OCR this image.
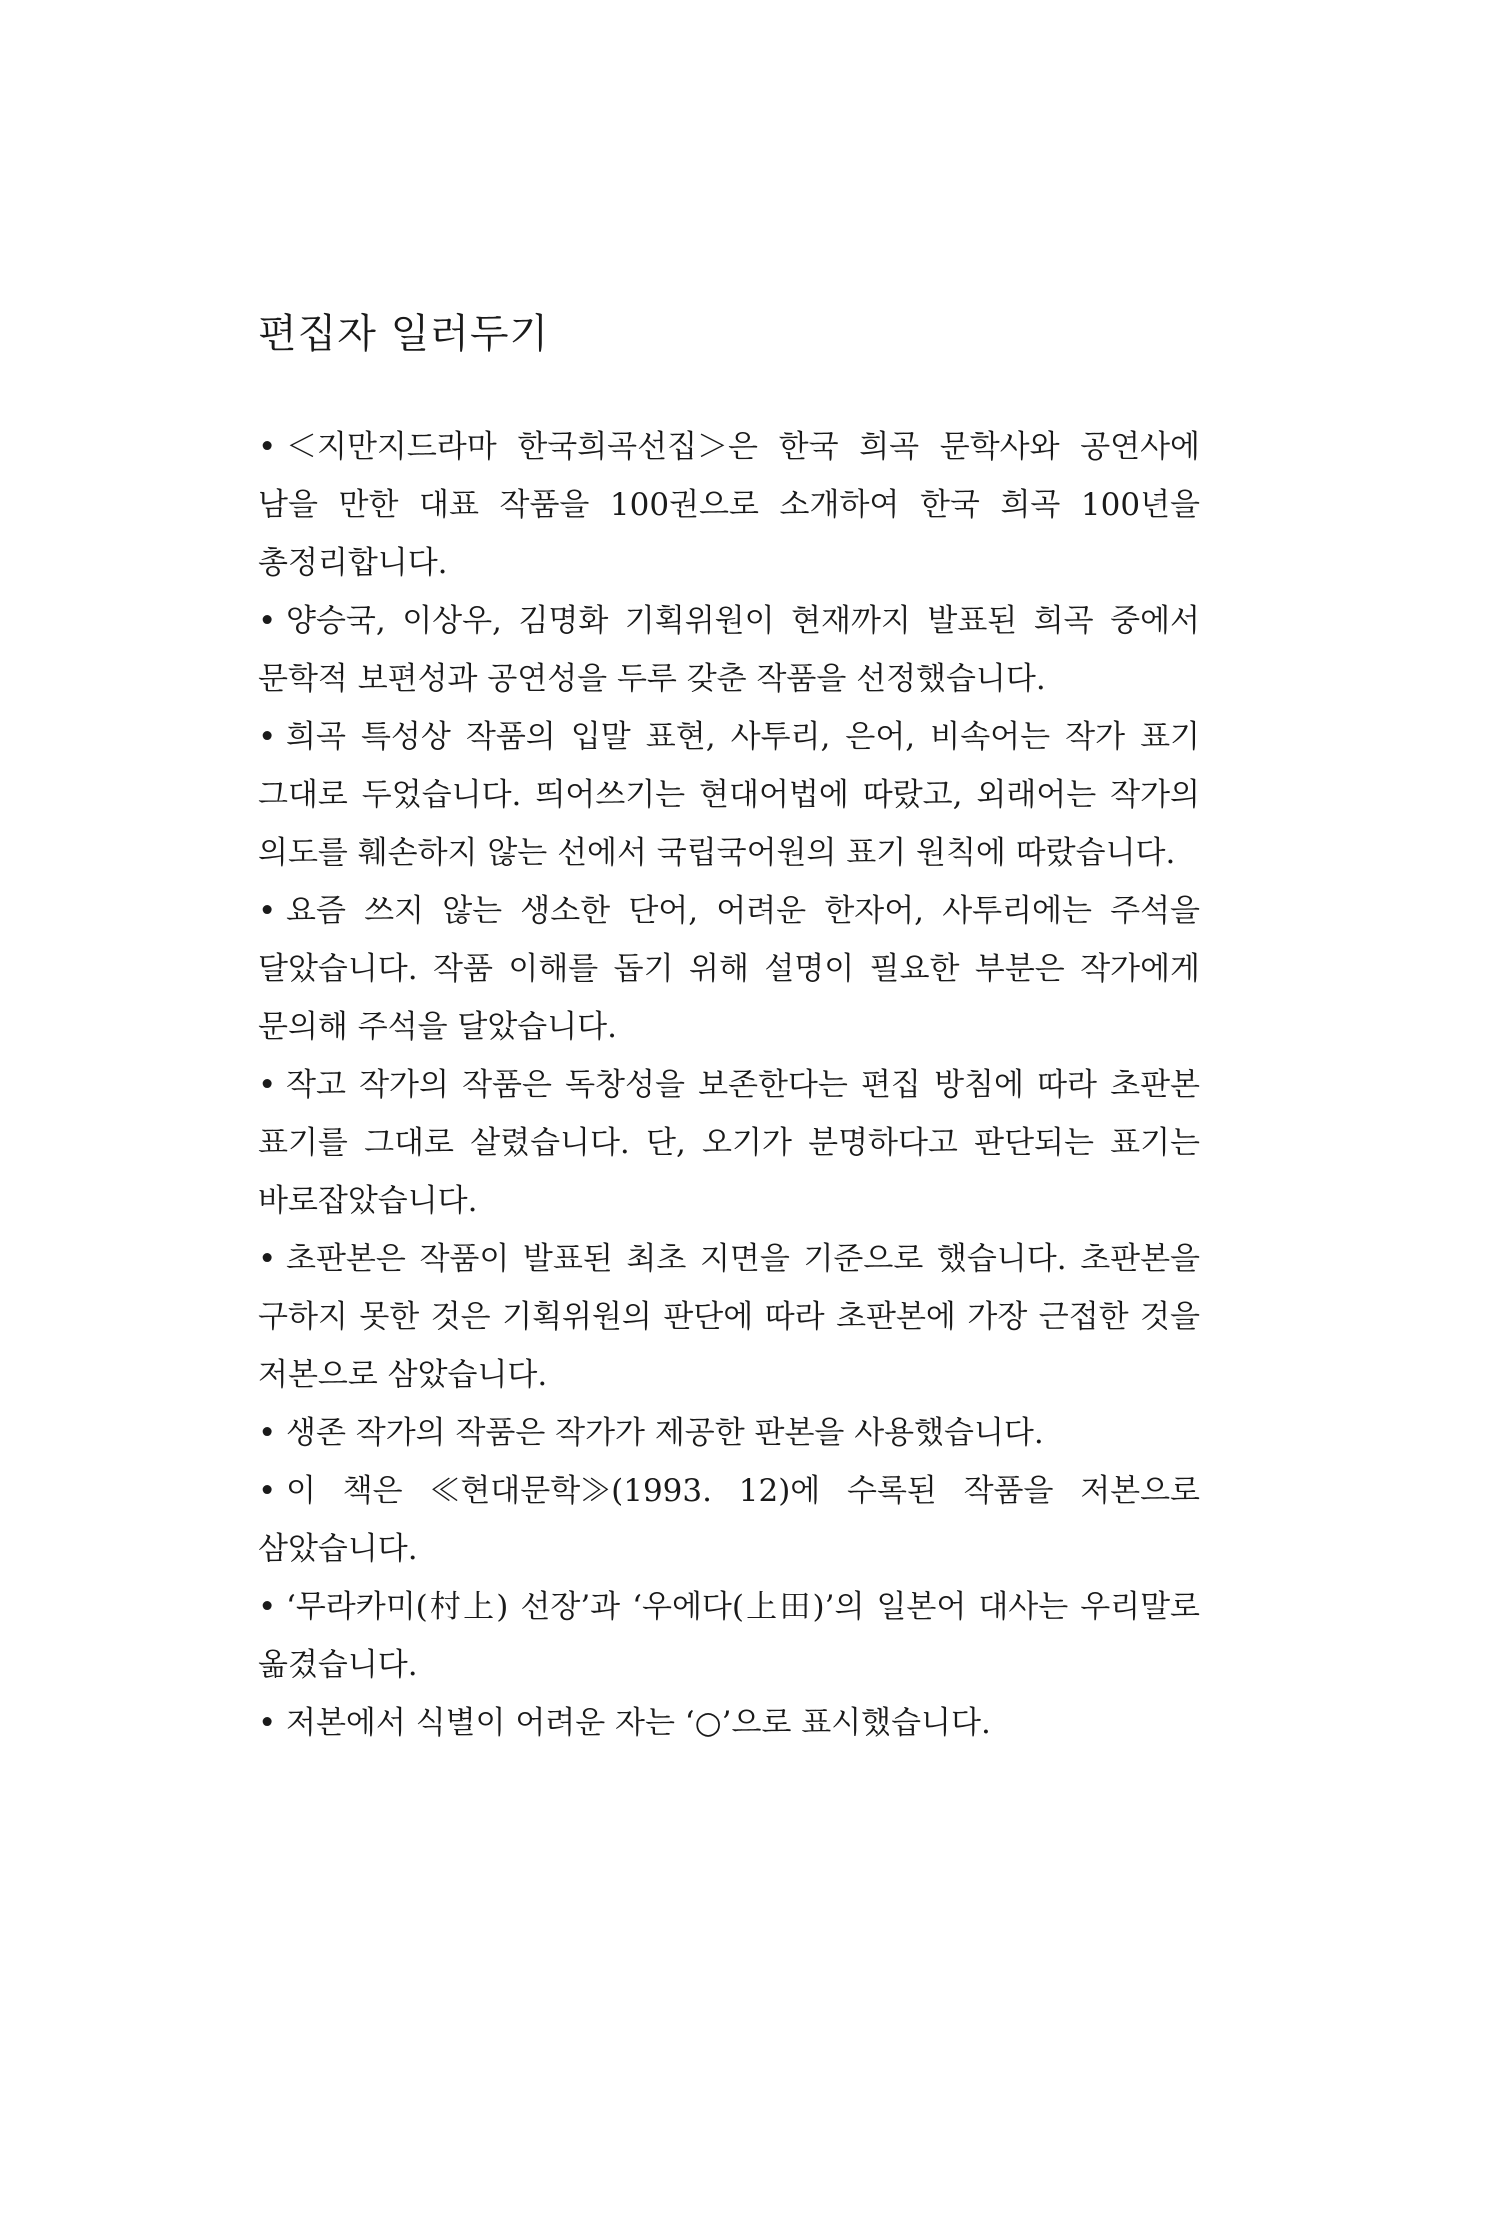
편집자 일러두기
• ＜지만지드라마 한국희곡선집＞은 한국 희곡 문학사와 공연사에 남을 만한 대표 작품을 100권으로 소개하여 한국 희곡 100년을 총정리합니다.
• 양승국, 이상우, 김명화 기획위원이 현재까지 발표된 희곡 중에서 문학적 보편성과 공연성을 두루 갖춘 작품을 선정했습니다.
• 희곡 특성상 작품의 입말 표현, 사투리, 은어, 비속어는 작가 표기 그대로 두었습니다. 띄어쓰기는 현대어법에 따랐고, 외래어는 작가의 의도를 훼손하지 않는 선에서 국립국어원의 표기 원칙에 따랐습니다.
• 요즘 쓰지 않는 생소한 단어, 어려운 한자어, 사투리에는 주석을 달았습니다. 작품 이해를 돕기 위해 설명이 필요한 부분은 작가에게 문의해 주석을 달았습니다.
• 작고 작가의 작품은 독창성을 보존한다는 편집 방침에 따라 초판본 표기를 그대로 살렸습니다. 단, 오기가 분명하다고 판단되는 표기는 바로잡았습니다.
• 초판본은 작품이 발표된 최초 지면을 기준으로 했습니다. 초판본을 구하지 못한 것은 기획위원의 판단에 따라 초판본에 가장 근접한 것을 저본으로 삼았습니다.
• 생존 작가의 작품은 작가가 제공한 판본을 사용했습니다.
• 이 책은 ≪현대문학≫(1993. 12)에 수록된 작품을 저본으로 삼았습니다.
• ‘무라카미(村上) 선장’과 ‘우에다(上田)’의 일본어 대사는 우리말로 옮겼습니다.
• 저본에서 식별이 어려운 자는 ‘○’으로 표시했습니다.
